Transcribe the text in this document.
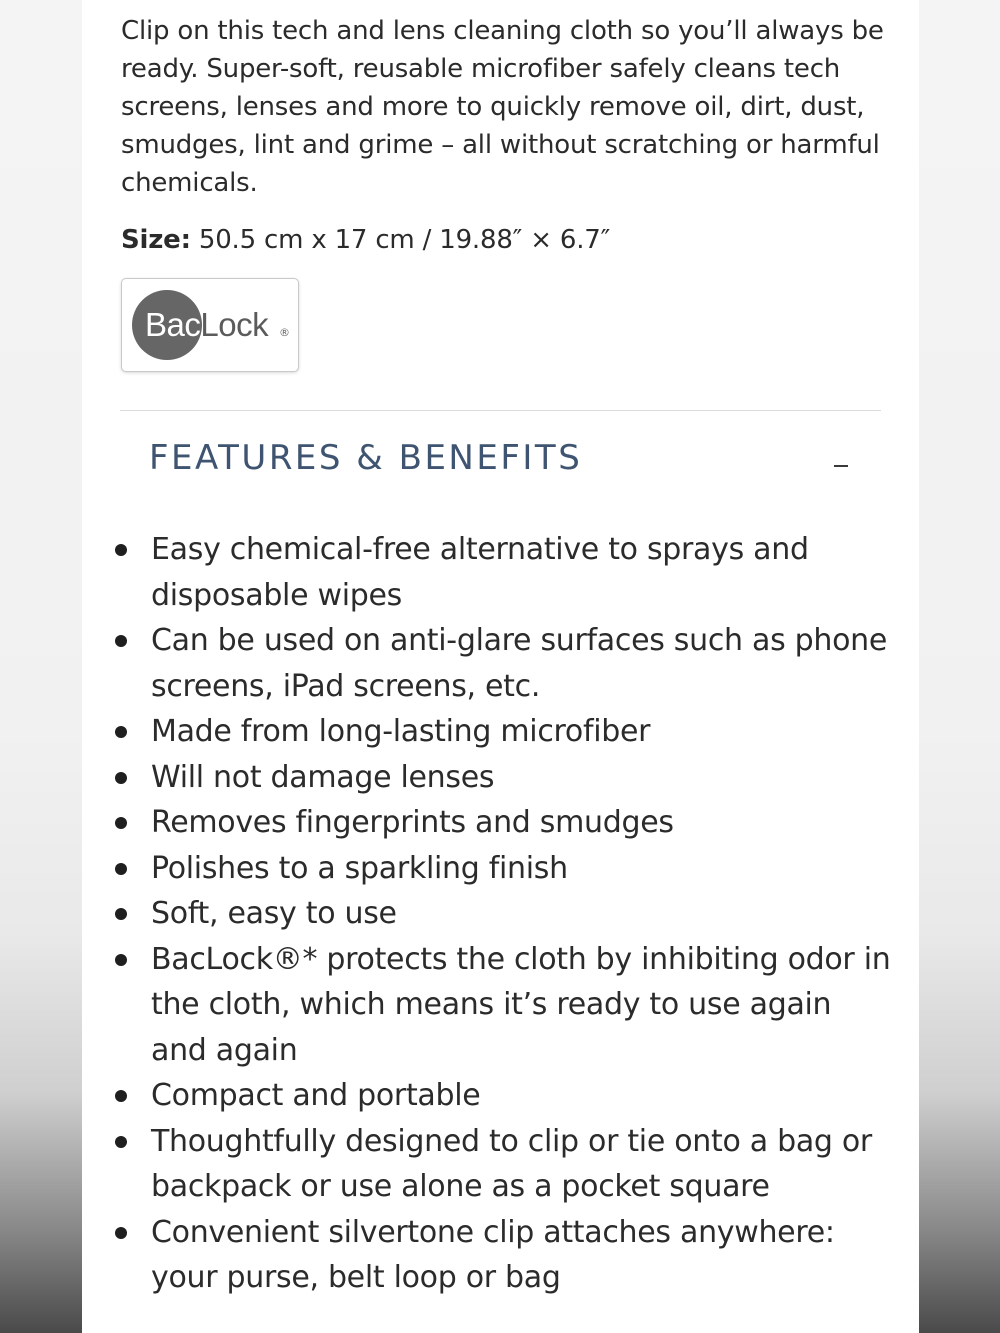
Clip on this tech and lens cleaning cloth so you’ll always be ready. Super-soft, reusable microfiber safely cleans tech screens, lenses and more to quickly remove oil, dirt, dust, smudges, lint and grime – all without scratching or harmful chemicals.

Size: 50.5 cm x 17 cm / 19.88″ × 6.7″

BacLock ®
FEATURES & BENEFITS
Easy chemical-free alternative to sprays and disposable wipes
Can be used on anti-glare surfaces such as phone screens, iPad screens, etc.
Made from long-lasting microfiber
Will not damage lenses
Removes fingerprints and smudges
Polishes to a sparkling finish
Soft, easy to use
BacLock®* protects the cloth by inhibiting odor in the cloth, which means it’s ready to use again and again
Compact and portable
Thoughtfully designed to clip or tie onto a bag or backpack or use alone as a pocket square
Convenient silvertone clip attaches anywhere: your purse, belt loop or bag
